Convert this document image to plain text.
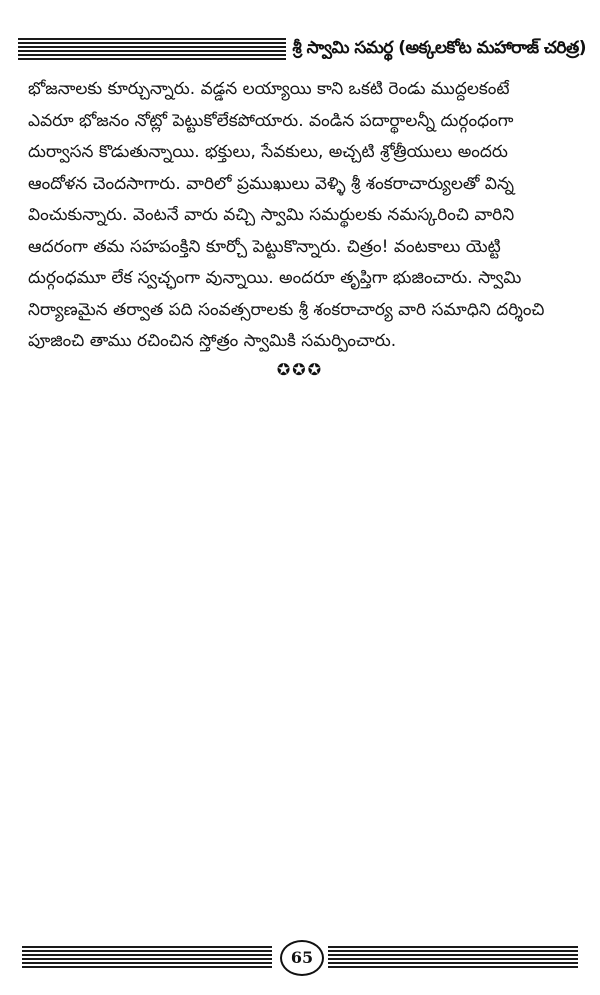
శ్రీ స్వామి సమర్థ (అక్కలకోట మహారాజ్ చరిత్ర)
భోజనాలకు కూర్చున్నారు. వడ్డన లయ్యాయి కాని ఒకటి రెండు ముద్దలకంటే
ఎవరూ భోజనం నోట్లో పెట్టుకోలేకపోయారు. వండిన పదార్థాలన్నీ దుర్గంధంగా
దుర్వాసన కొడుతున్నాయి. భక్తులు, సేవకులు, అచ్చటి శ్రోత్రీయులు అందరు
ఆందోళన చెందసాగారు. వారిలో ప్రముఖులు వెళ్ళి శ్రీ శంకరాచార్యులతో విన్న
వించుకున్నారు. వెంటనే వారు వచ్చి స్వామి సమర్థులకు నమస్కరించి వారిని
ఆదరంగా తమ సహపంక్తిని కూర్చో పెట్టుకొన్నారు. చిత్రం! వంటకాలు యెట్టి
దుర్గంధమూ లేక స్వచ్ఛంగా వున్నాయి. అందరూ తృప్తిగా భుజించారు. స్వామి
నిర్యాణమైన తర్వాత పది సంవత్సరాలకు శ్రీ శంకరాచార్య వారి సమాధిని దర్శించి
పూజించి తాము రచించిన స్తోత్రం స్వామికి సమర్పించారు.
✪✪✪
65
